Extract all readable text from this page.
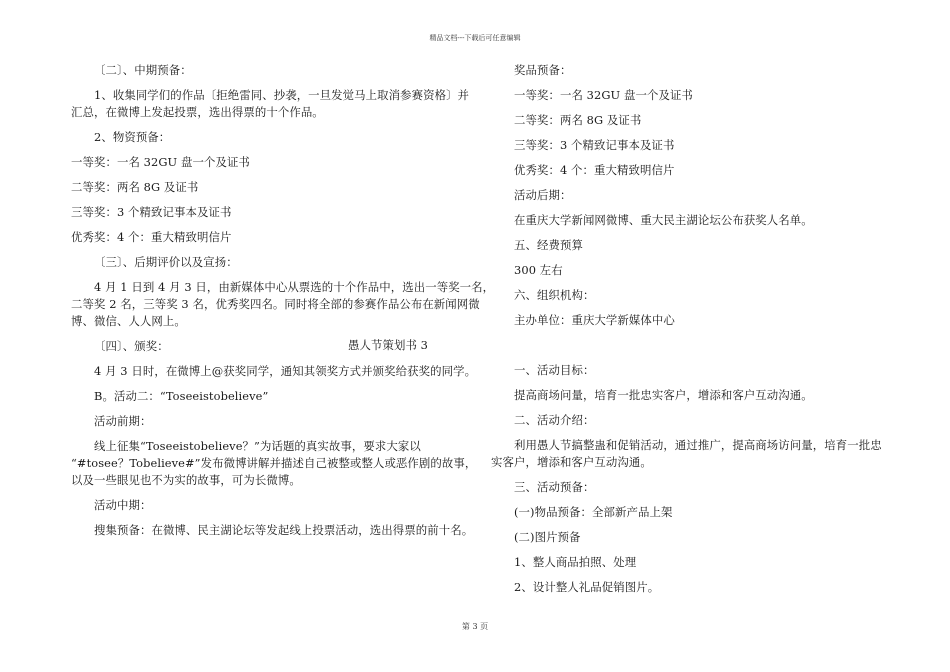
精品文档---下载后可任意编辑
〔二〕、中期预备：
1、收集同学们的作品〔拒绝雷同、抄袭，一旦发觉马上取消参赛资格〕并
汇总，在微博上发起投票，选出得票的十个作品。
2、物资预备：
一等奖：一名 32GU 盘一个及证书
二等奖：两名 8G 及证书
三等奖：3 个精致记事本及证书
优秀奖：4 个：重大精致明信片
〔三〕、后期评价以及宣扬：
4 月 1 日到 4 月 3 日，由新媒体中心从票选的十个作品中，选出一等奖一名，
二等奖 2 名，三等奖 3 名，优秀奖四名。同时将全部的参赛作品公布在新闻网微
博、微信、人人网上。
〔四〕、颁奖：
4 月 3 日时，在微博上@获奖同学，通知其领奖方式并颁奖给获奖的同学。
B。活动二：“Toseeistobelieve”
活动前期：
线上征集“Toseeistobelieve？”为话题的真实故事，要求大家以
“#tosee？Tobelieve#”发布微博讲解并描述自己被整或整人或恶作剧的故事，
以及一些眼见也不为实的故事，可为长微博。
活动中期：
搜集预备：在微博、民主湖论坛等发起线上投票活动，选出得票的前十名。
奖品预备：
一等奖：一名 32GU 盘一个及证书
二等奖：两名 8G 及证书
三等奖：3 个精致记事本及证书
优秀奖：4 个：重大精致明信片
活动后期：
在重庆大学新闻网微博、重大民主湖论坛公布获奖人名单。
五、经费预算
300 左右
六、组织机构：
主办单位：重庆大学新媒体中心
愚人节策划书 3
一、活动目标：
提高商场问量，培育一批忠实客户，增添和客户互动沟通。
二、活动介绍：
利用愚人节搞整蛊和促销活动，通过推广，提高商场访问量，培育一批忠
实客户，增添和客户互动沟通。
三、活动预备：
(一)物品预备：全部新产品上架
(二)图片预备
1、整人商品拍照、处理
2、设计整人礼品促销图片。
第 3 页
